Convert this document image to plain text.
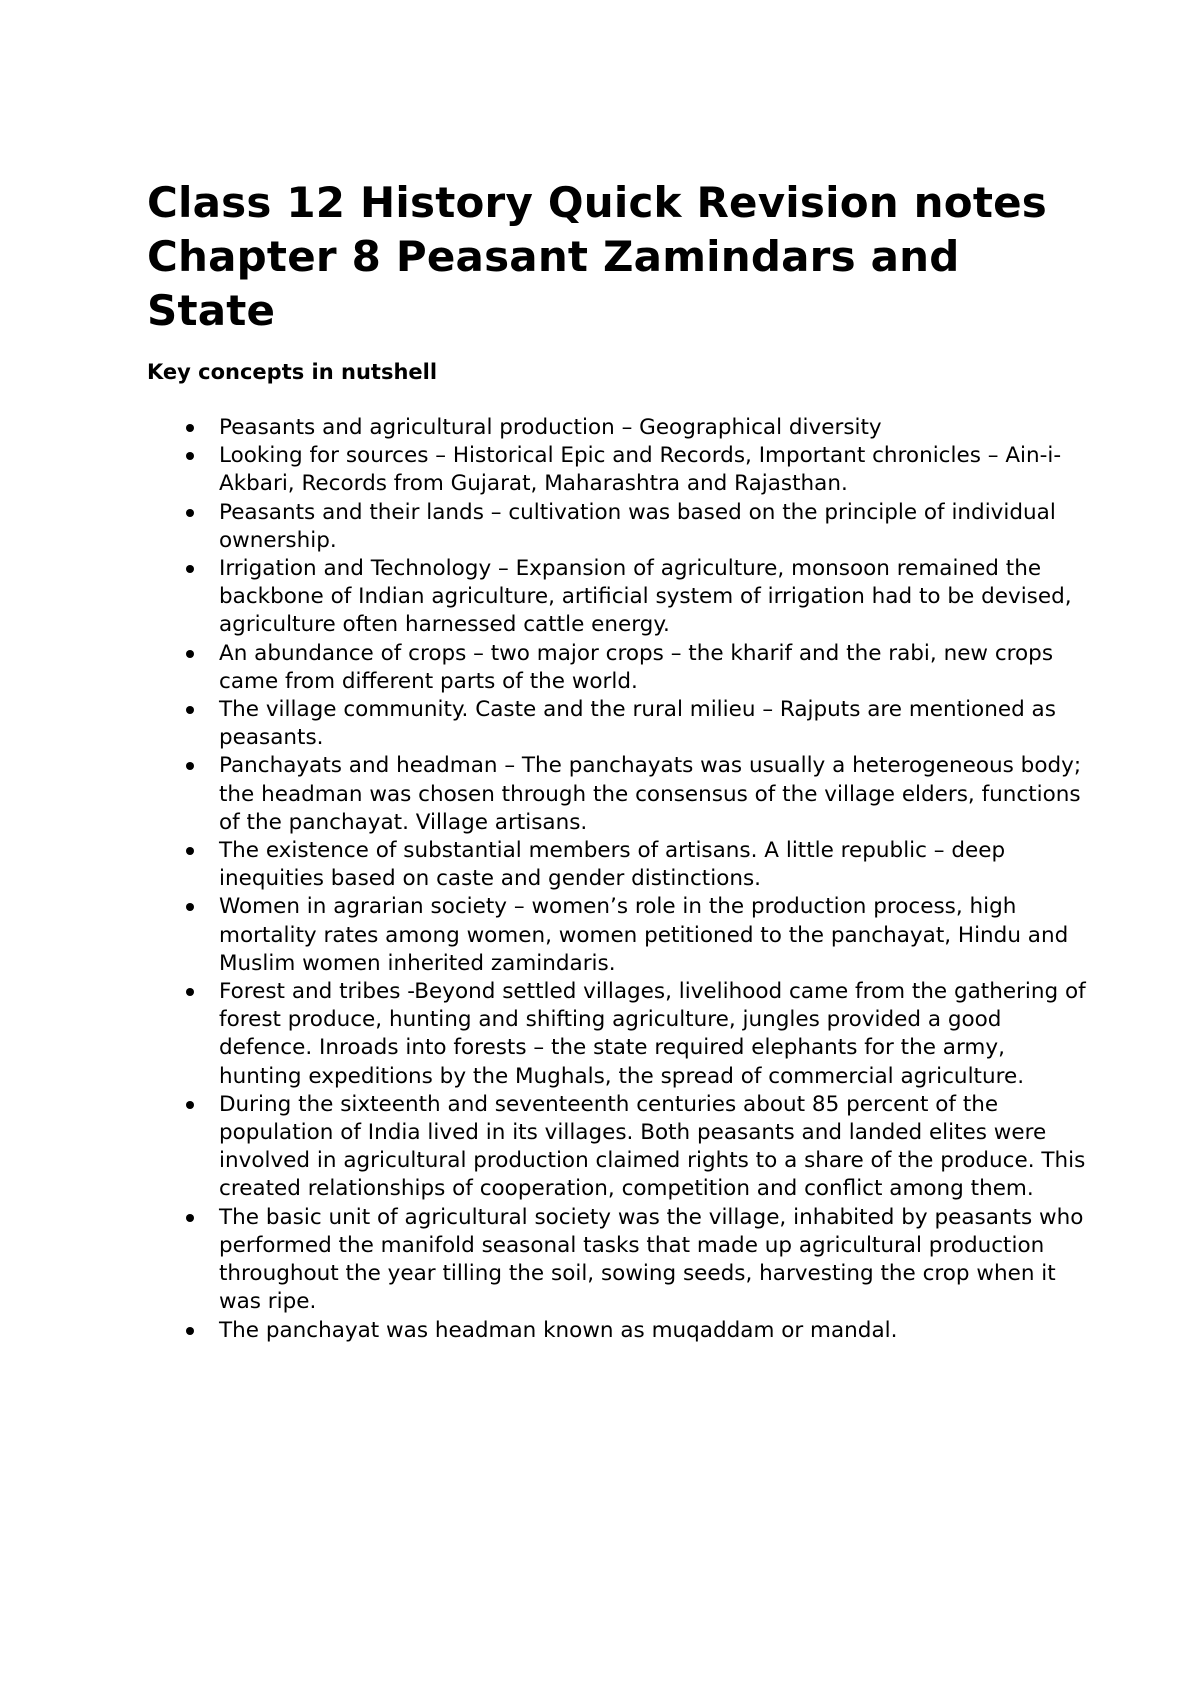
Class 12 History Quick Revision notes Chapter 8 Peasant Zamindars and State
Key concepts in nutshell
Peasants and agricultural production – Geographical diversity
Looking for sources – Historical Epic and Records, Important chronicles – Ain-i-Akbari, Records from Gujarat, Maharashtra and Rajasthan.
Peasants and their lands – cultivation was based on the principle of individual ownership.
Irrigation and Technology – Expansion of agriculture, monsoon remained the backbone of Indian agriculture, artificial system of irrigation had to be devised, agriculture often harnessed cattle energy.
An abundance of crops – two major crops – the kharif and the rabi, new crops came from different parts of the world.
The village community. Caste and the rural milieu – Rajputs are mentioned as peasants.
Panchayats and headman – The panchayats was usually a heterogeneous body; the headman was chosen through the consensus of the village elders, functions of the panchayat. Village artisans.
The existence of substantial members of artisans. A little republic – deep inequities based on caste and gender distinctions.
Women in agrarian society – women’s role in the production process, high mortality rates among women, women petitioned to the panchayat, Hindu and Muslim women inherited zamindaris.
Forest and tribes -Beyond settled villages, livelihood came from the gathering of forest produce, hunting and shifting agriculture, jungles provided a good defence. Inroads into forests – the state required elephants for the army, hunting expeditions by the Mughals, the spread of commercial agriculture.
During the sixteenth and seventeenth centuries about 85 percent of the population of India lived in its villages. Both peasants and landed elites were involved in agricultural production claimed rights to a share of the produce. This created relationships of cooperation, competition and conflict among them.
The basic unit of agricultural society was the village, inhabited by peasants who performed the manifold seasonal tasks that made up agricultural production throughout the year tilling the soil, sowing seeds, harvesting the crop when it was ripe.
The panchayat was headman known as muqaddam or mandal.
